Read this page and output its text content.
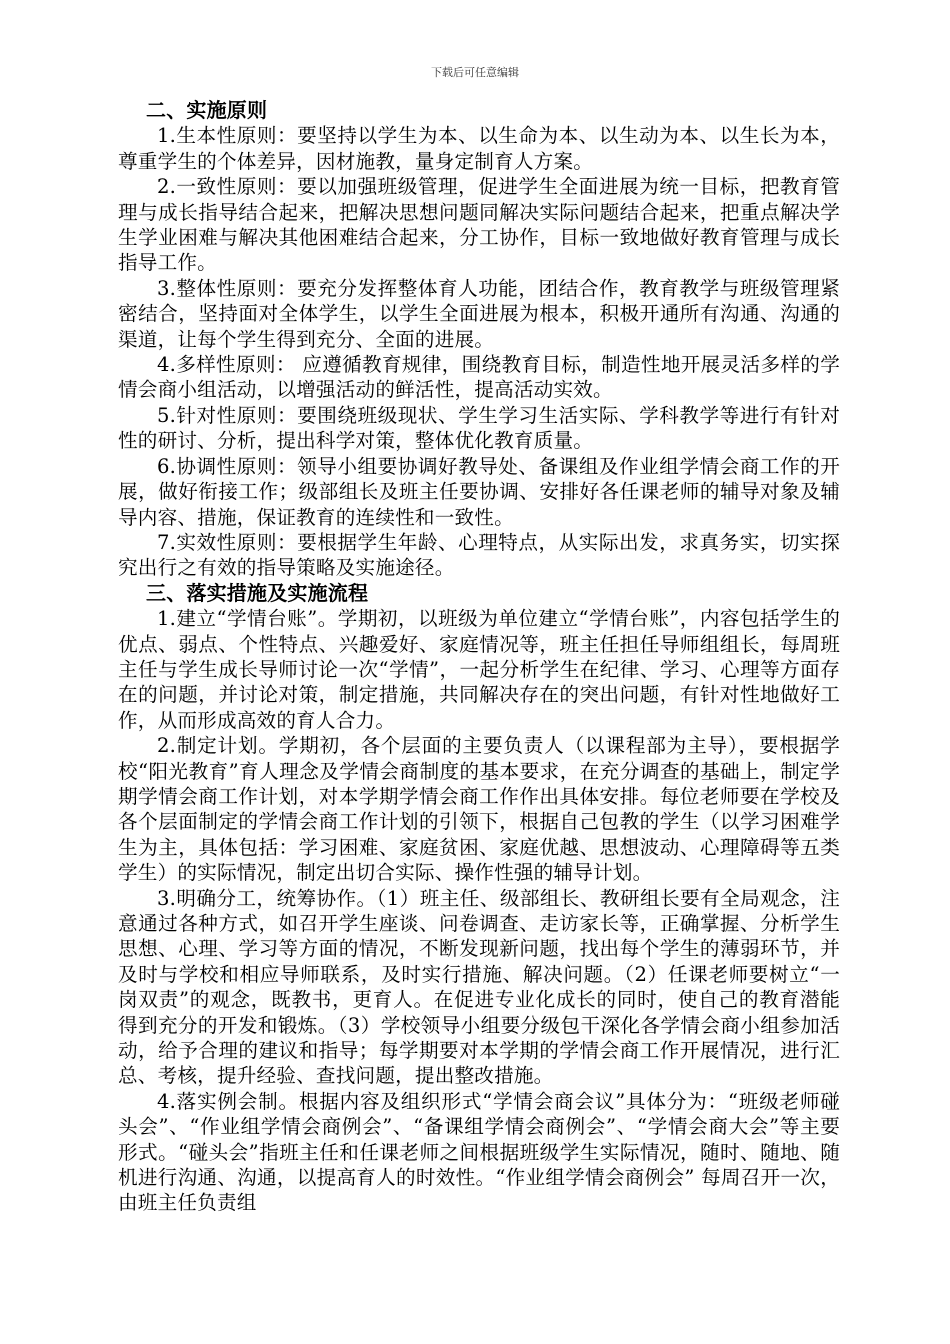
下载后可任意编辑
二、实施原则

1.生本性原则：要坚持以学生为本、以生命为本、以生动为本、以生长为本，尊重学生的个体差异，因材施教，量身定制育人方案。

2.一致性原则：要以加强班级管理，促进学生全面进展为统一目标，把教育管理与成长指导结合起来，把解决思想问题同解决实际问题结合起来，把重点解决学生学业困难与解决其他困难结合起来，分工协作，目标一致地做好教育管理与成长指导工作。

3.整体性原则：要充分发挥整体育人功能，团结合作，教育教学与班级管理紧密结合，坚持面对全体学生，以学生全面进展为根本，积极开通所有沟通、沟通的渠道，让每个学生得到充分、全面的进展。

4.多样性原则： 应遵循教育规律，围绕教育目标，制造性地开展灵活多样的学情会商小组活动，以增强活动的鲜活性，提高活动实效。

5.针对性原则：要围绕班级现状、学生学习生活实际、学科教学等进行有针对性的研讨、分析，提出科学对策，整体优化教育质量。

6.协调性原则：领导小组要协调好教导处、备课组及作业组学情会商工作的开展，做好衔接工作；级部组长及班主任要协调、安排好各任课老师的辅导对象及辅导内容、措施，保证教育的连续性和一致性。

7.实效性原则：要根据学生年龄、心理特点，从实际出发，求真务实，切实探究出行之有效的指导策略及实施途径。

三、落实措施及实施流程

1.建立“学情台账”。学期初，以班级为单位建立“学情台账”，内容包括学生的优点、弱点、个性特点、兴趣爱好、家庭情况等，班主任担任导师组组长，每周班主任与学生成长导师讨论一次“学情”，一起分析学生在纪律、学习、心理等方面存在的问题，并讨论对策，制定措施，共同解决存在的突出问题，有针对性地做好工作，从而形成高效的育人合力。

2.制定计划。学期初，各个层面的主要负责人（以课程部为主导），要根据学校“阳光教育”育人理念及学情会商制度的基本要求，在充分调查的基础上，制定学期学情会商工作计划，对本学期学情会商工作作出具体安排。每位老师要在学校及各个层面制定的学情会商工作计划的引领下，根据自己包教的学生（以学习困难学生为主，具体包括：学习困难、家庭贫困、家庭优越、思想波动、心理障碍等五类学生）的实际情况，制定出切合实际、操作性强的辅导计划。

3.明确分工，统筹协作。（1）班主任、级部组长、教研组长要有全局观念，注意通过各种方式，如召开学生座谈、问卷调查、走访家长等，正确掌握、分析学生思想、心理、学习等方面的情况，不断发现新问题，找出每个学生的薄弱环节，并及时与学校和相应导师联系，及时实行措施、解决问题。（2）任课老师要树立“一岗双责”的观念，既教书，更育人。在促进专业化成长的同时，使自己的教育潜能得到充分的开发和锻炼。（3）学校领导小组要分级包干深化各学情会商小组参加活动，给予合理的建议和指导；每学期要对本学期的学情会商工作开展情况，进行汇总、考核，提升经验、查找问题，提出整改措施。

4.落实例会制。根据内容及组织形式“学情会商会议”具体分为：“班级老师碰头会”、“作业组学情会商例会”、“备课组学情会商例会”、“学情会商大会”等主要形式。“碰头会”指班主任和任课老师之间根据班级学生实际情况，随时、随地、随机进行沟通、沟通，以提高育人的时效性。“作业组学情会商例会” 每周召开一次，由班主任负责组
